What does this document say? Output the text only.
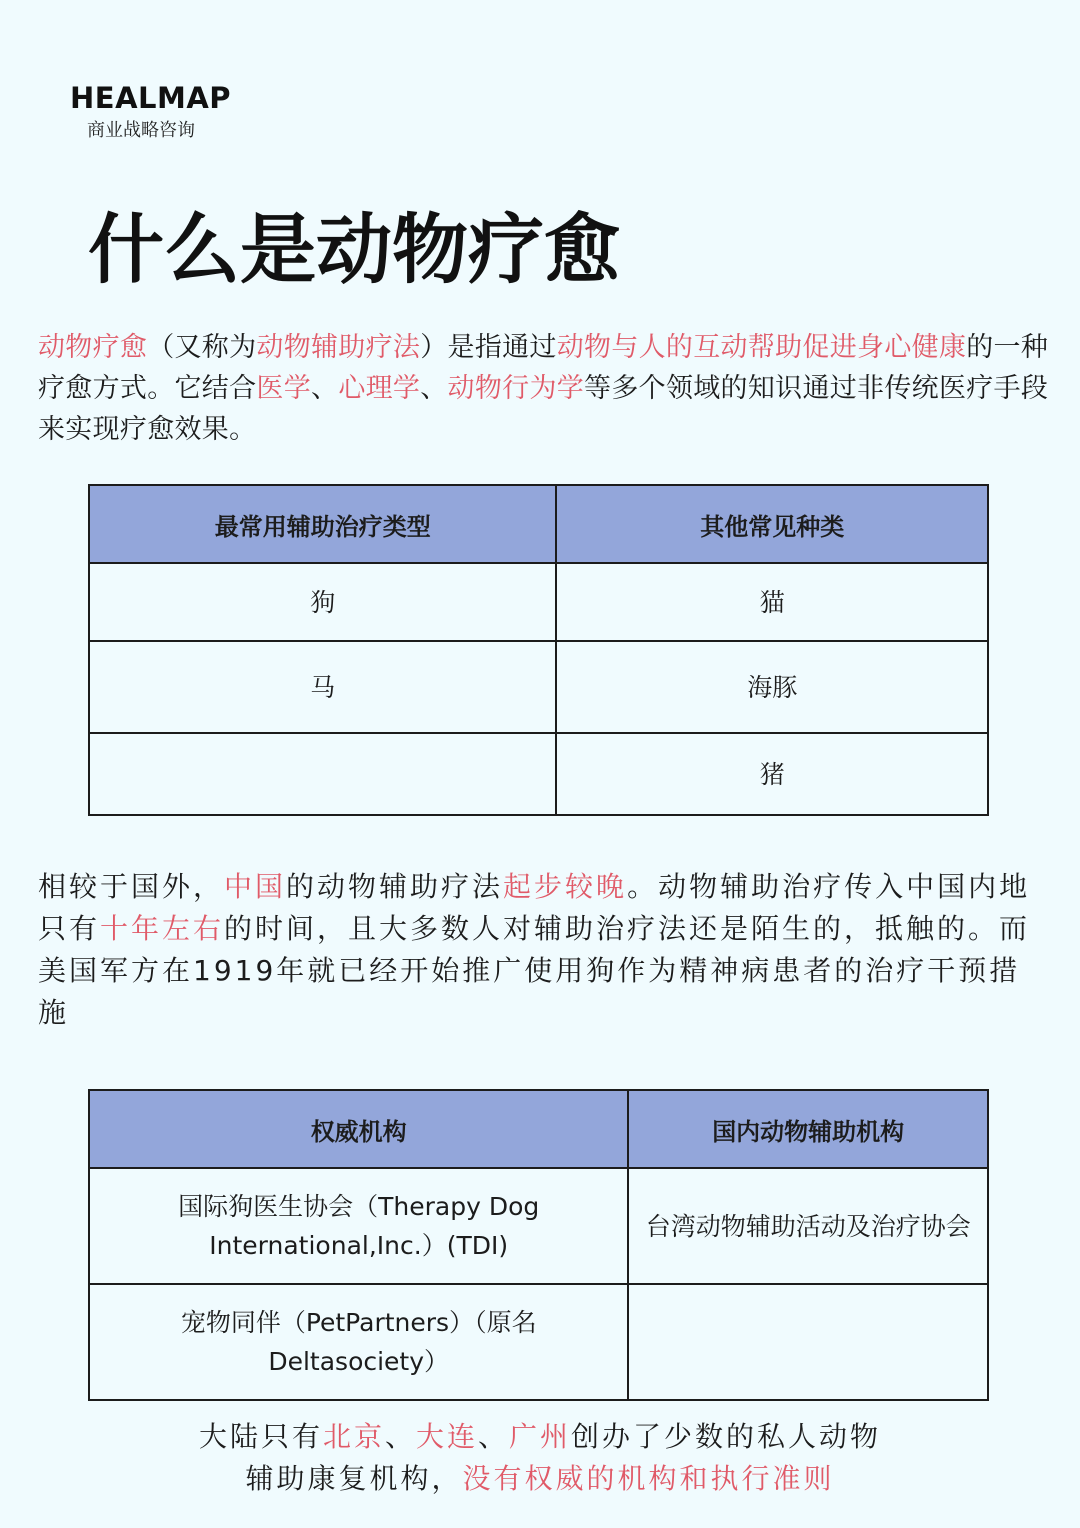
HEALMAP
商业战略咨询
什么是动物疗愈

动物疗愈（又称为动物辅助疗法）是指通过动物与人的互动帮助促进身心健康的一种疗愈方式。它结合医学、心理学、动物行为学等多个领域的知识通过非传统医疗手段来实现疗愈效果。

最常用辅助治疗类型	其他常见种类
狗	猫
马	海豚
	猪

相较于国外，中国的动物辅助疗法起步较晚。动物辅助治疗传入中国内地只有十年左右的时间，且大多数人对辅助治疗法还是陌生的，抵触的。而美国军方在1919年就已经开始推广使用狗作为精神病患者的治疗干预措施

权威机构	国内动物辅助机构
国际狗医生协会（Therapy Dog International,Inc.）(TDI)	台湾动物辅助活动及治疗协会
宠物同伴（PetPartners）（原名Deltasociety）	
大陆只有北京、大连、广州创办了少数的私人动物
辅助康复机构，没有权威的机构和执行准则
